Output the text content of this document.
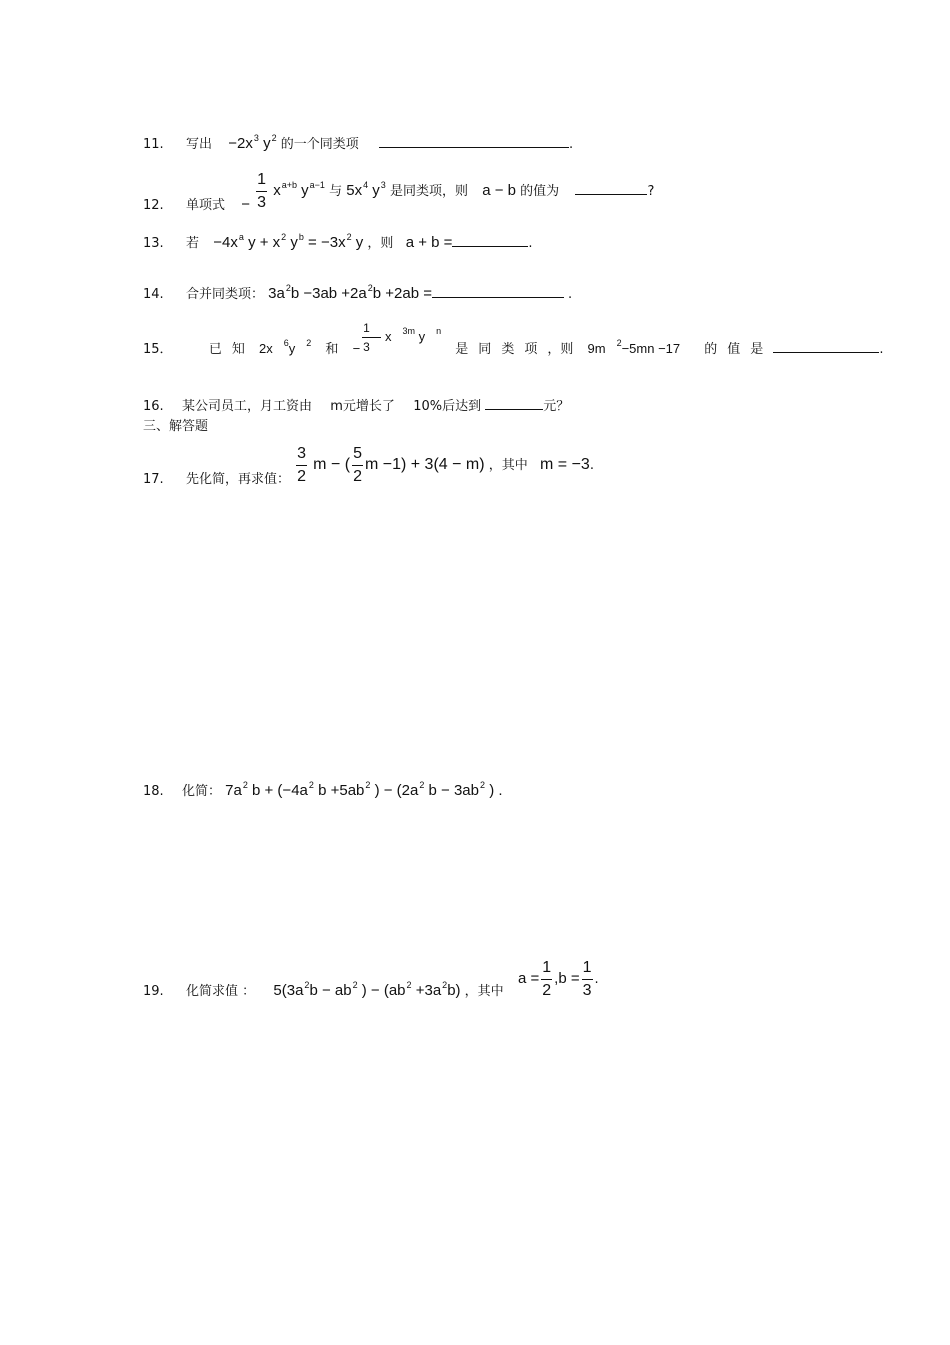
11. 写出 $-2x^3$ $y^2$ 的一个同类项	.
12. 单项式 − $\frac{1}{3} x^{a+b}$ $y^{a-1}$ 与 $5x^4$ $y^3$ 是同类项，则 a − b 的值为	?
13. 若 $-4x^a$ $y + x^2$ $y^b = -3x^2$ y ，则 a + b =	.
14. 合并同类项： $3a^2b -3ab +2a^2b +2ab$ =	.
15．	已 知 2x $^6$y $^2$ 和 − $\frac{1}{3}$ x $^{3m}$ y $^n$ 是 同 类 项 ，则 9m $^2$−5mn −17 的 值 是	.
16. 某公司员工，月工资由 m元增长了 10%后达到	元？
三、解答题
17. 先化简，再求值： $\frac{3}{2}$ m − ( $\frac{5}{2}$ m −1) + 3(4 − m) ，其中 m = −3.
18. 化简： $7a^2$ $b + (-4a^2$ $b +5ab^2$ ) − ($2a^2$ $b - 3ab^2$ ) .
19. 化简求值 ： $5(3a^2b - ab^2$ ) − $(ab^2 +3a^2b)$ ，其中  $a = \frac{1}{2} ,b = \frac{1}{3}$ .
